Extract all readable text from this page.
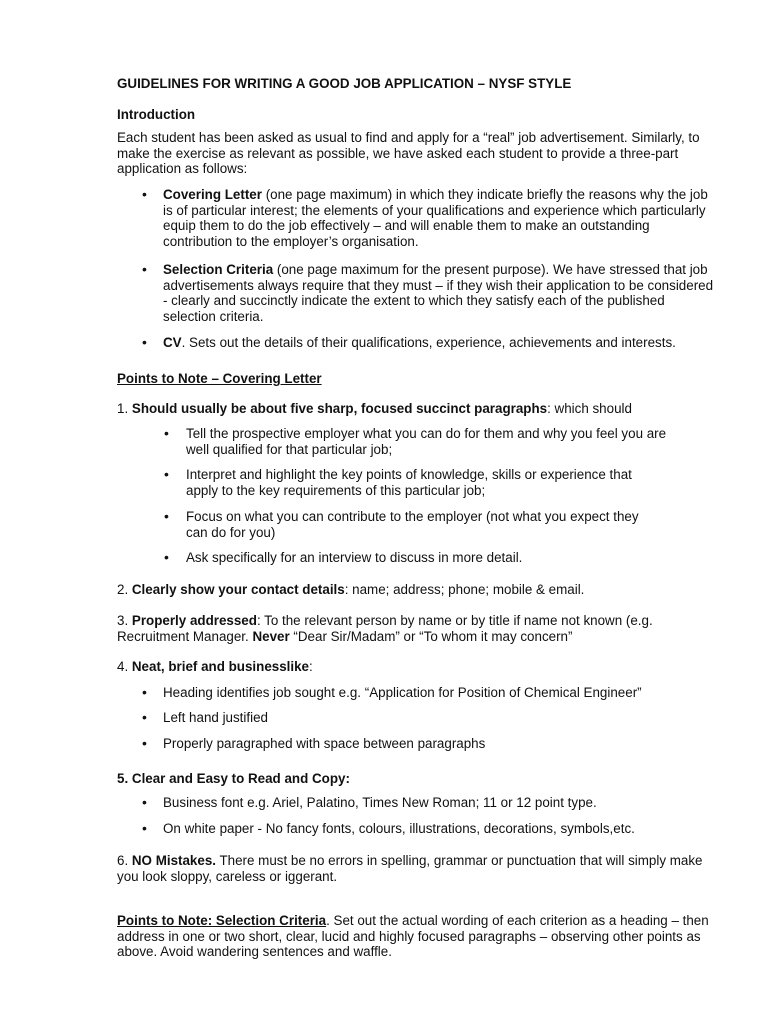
GUIDELINES FOR WRITING A GOOD JOB APPLICATION – NYSF STYLE

Introduction

Each student has been asked as usual to find and apply for a “real” job advertisement. Similarly, to make the exercise as relevant as possible, we have asked each student to provide a three-part application as follows:

• Covering Letter (one page maximum) in which they indicate briefly the reasons why the job is of particular interest; the elements of your qualifications and experience which particularly equip them to do the job effectively – and will enable them to make an outstanding contribution to the employer’s organisation.

• Selection Criteria (one page maximum for the present purpose). We have stressed that job advertisements always require that they must – if they wish their application to be considered - clearly and succinctly indicate the extent to which they satisfy each of the published selection criteria.

• CV. Sets out the details of their qualifications, experience, achievements and interests.

Points to Note – Covering Letter

1. Should usually be about five sharp, focused succinct paragraphs: which should

• Tell the prospective employer what you can do for them and why you feel you are well qualified for that particular job;

• Interpret and highlight the key points of knowledge, skills or experience that apply to the key requirements of this particular job;

• Focus on what you can contribute to the employer (not what you expect they can do for you)

• Ask specifically for an interview to discuss in more detail.

2. Clearly show your contact details: name; address; phone; mobile & email.

3. Properly addressed: To the relevant person by name or by title if name not known (e.g. Recruitment Manager. Never “Dear Sir/Madam” or “To whom it may concern”

4. Neat, brief and businesslike:

• Heading identifies job sought e.g. “Application for Position of Chemical Engineer”

• Left hand justified

• Properly paragraphed with space between paragraphs

5. Clear and Easy to Read and Copy:

• Business font e.g. Ariel, Palatino, Times New Roman; 11 or 12 point type.

• On white paper - No fancy fonts, colours, illustrations, decorations, symbols,etc.

6. NO Mistakes. There must be no errors in spelling, grammar or punctuation that will simply make you look sloppy, careless or iggerant.

Points to Note: Selection Criteria. Set out the actual wording of each criterion as a heading – then address in one or two short, clear, lucid and highly focused paragraphs – observing other points as above. Avoid wandering sentences and waffle.
